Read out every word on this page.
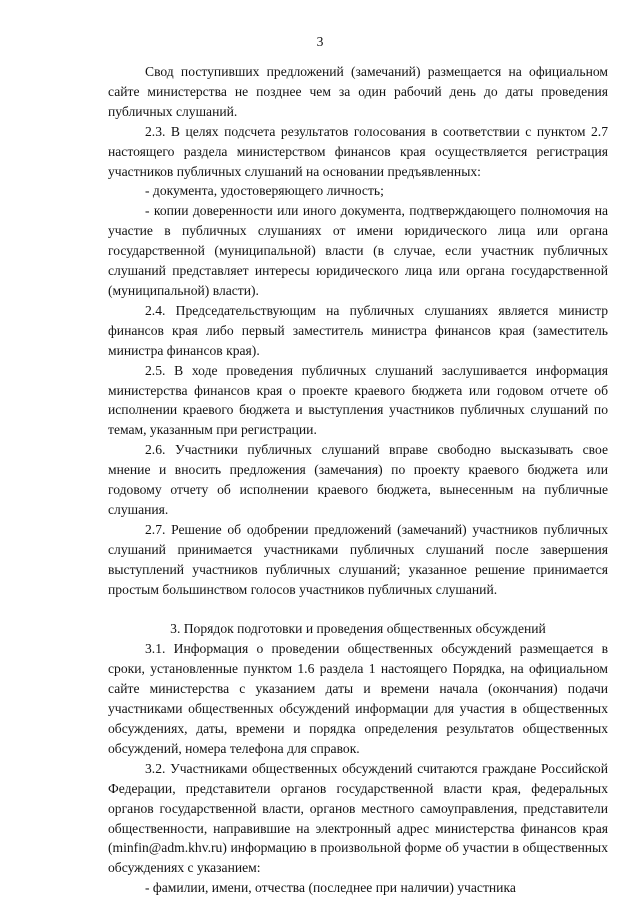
3

Свод поступивших предложений (замечаний) размещается на официальном сайте министерства не позднее чем за один рабочий день до даты проведения публичных слушаний.

2.3. В целях подсчета результатов голосования в соответствии с пунктом 2.7 настоящего раздела министерством финансов края осуществляется регистрация участников публичных слушаний на основании предъявленных:

- документа, удостоверяющего личность;

- копии доверенности или иного документа, подтверждающего полномочия на участие в публичных слушаниях от имени юридического лица или органа государственной (муниципальной) власти (в случае, если участник публичных слушаний представляет интересы юридического лица или органа государственной (муниципальной) власти).

2.4. Председательствующим на публичных слушаниях является министр финансов края либо первый заместитель министра финансов края (заместитель министра финансов края).

2.5. В ходе проведения публичных слушаний заслушивается информация министерства финансов края о проекте краевого бюджета или годовом отчете об исполнении краевого бюджета и выступления участников публичных слушаний по темам, указанным при регистрации.

2.6. Участники публичных слушаний вправе свободно высказывать свое мнение и вносить предложения (замечания) по проекту краевого бюджета или годовому отчету об исполнении краевого бюджета, вынесенным на публичные слушания.

2.7. Решение об одобрении предложений (замечаний) участников публичных слушаний принимается участниками публичных слушаний после завершения выступлений участников публичных слушаний; указанное решение принимается простым большинством голосов участников публичных слушаний.

3. Порядок подготовки и проведения общественных обсуждений

3.1. Информация о проведении общественных обсуждений размещается в сроки, установленные пунктом 1.6 раздела 1 настоящего Порядка, на официальном сайте министерства с указанием даты и времени начала (окончания) подачи участниками общественных обсуждений информации для участия в общественных обсуждениях, даты, времени и порядка определения результатов общественных обсуждений, номера телефона для справок.

3.2. Участниками общественных обсуждений считаются граждане Российской Федерации, представители органов государственной власти края, федеральных органов государственной власти, органов местного самоуправления, представители общественности, направившие на электронный адрес министерства финансов края (minfin@adm.khv.ru) информацию в произвольной форме об участии в общественных обсуждениях с указанием:

- фамилии, имени, отчества (последнее при наличии) участника
